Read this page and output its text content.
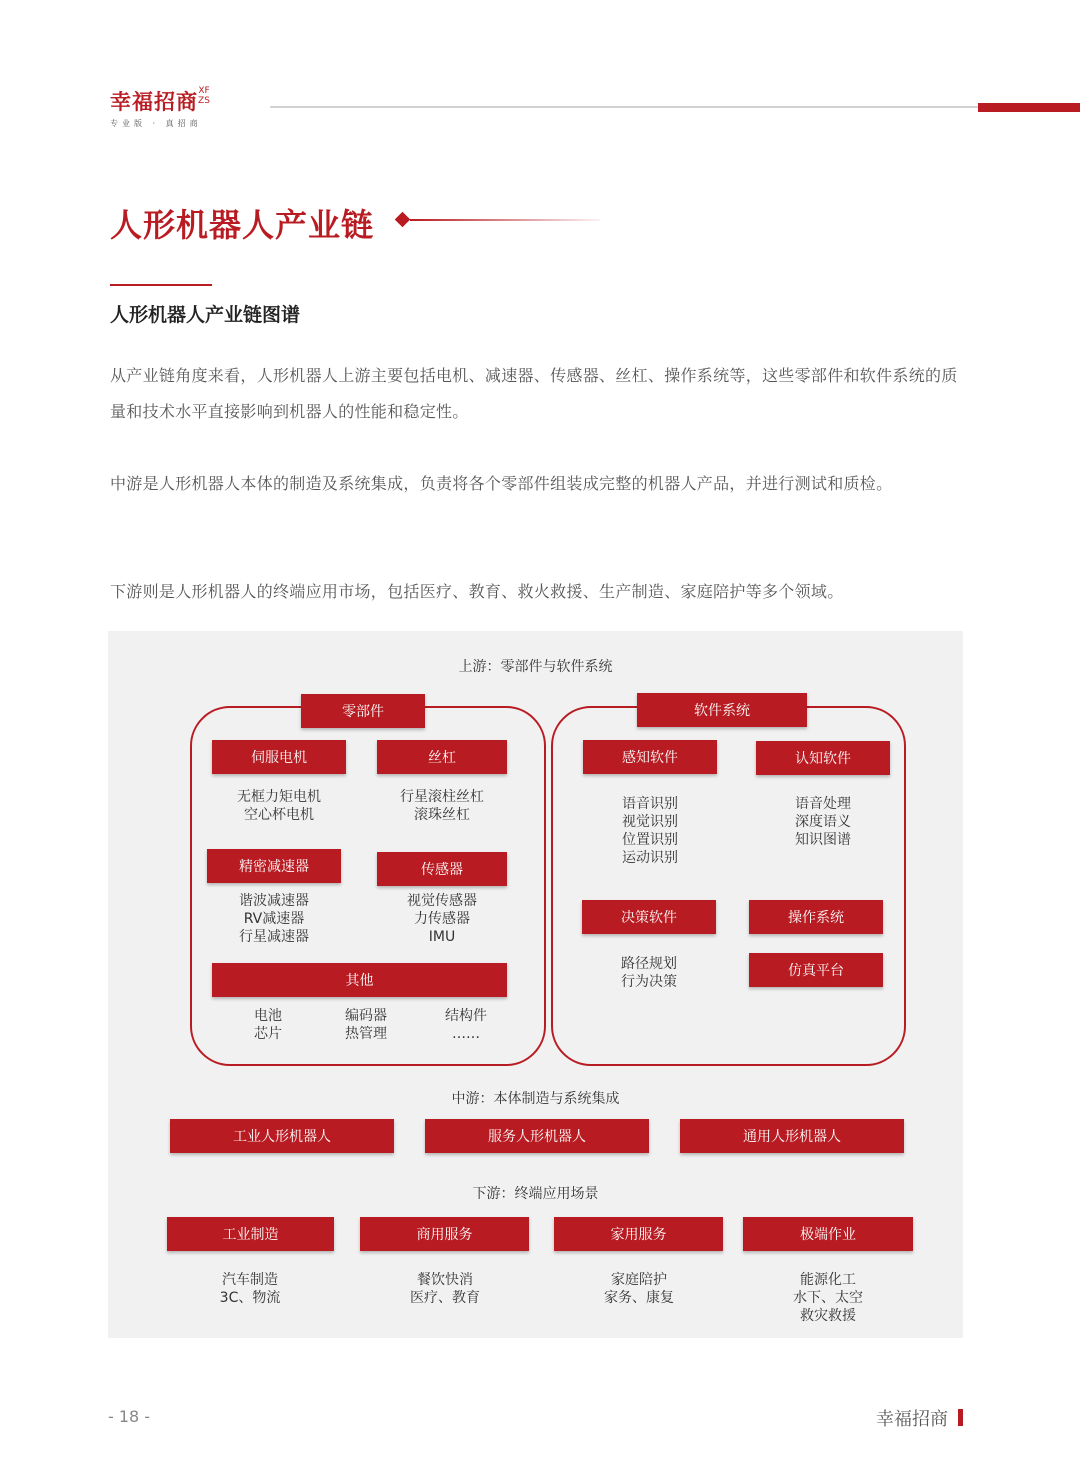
幸福招商 XF ZS
专业版 · 真招商
人形机器人产业链
人形机器人产业链图谱
从产业链角度来看，人形机器人上游主要包括电机、减速器、传感器、丝杠、操作系统等，这些零部件和软件系统的质量和技术水平直接影响到机器人的性能和稳定性。
中游是人形机器人本体的制造及系统集成，负责将各个零部件组装成完整的机器人产品，并进行测试和质检。
下游则是人形机器人的终端应用市场，包括医疗、教育、救火救援、生产制造、家庭陪护等多个领域。
上游：零部件与软件系统
零部件
伺服电机
无框力矩电机
空心杯电机
丝杠
行星滚柱丝杠
滚珠丝杠
精密减速器
谐波减速器
RV减速器
行星减速器
传感器
视觉传感器
力传感器
IMU
其他
电池
芯片
编码器
热管理
结构件
……
软件系统
感知软件
语音识别
视觉识别
位置识别
运动识别
认知软件
语音处理
深度语义
知识图谱
决策软件
路径规划
行为决策
操作系统
仿真平台
中游：本体制造与系统集成
工业人形机器人	服务人形机器人	通用人形机器人
下游：终端应用场景
工业制造
汽车制造
3C、物流
商用服务
餐饮快消
医疗、教育
家用服务
家庭陪护
家务、康复
极端作业
能源化工
水下、太空
救灾救援
- 18 -	幸福招商
